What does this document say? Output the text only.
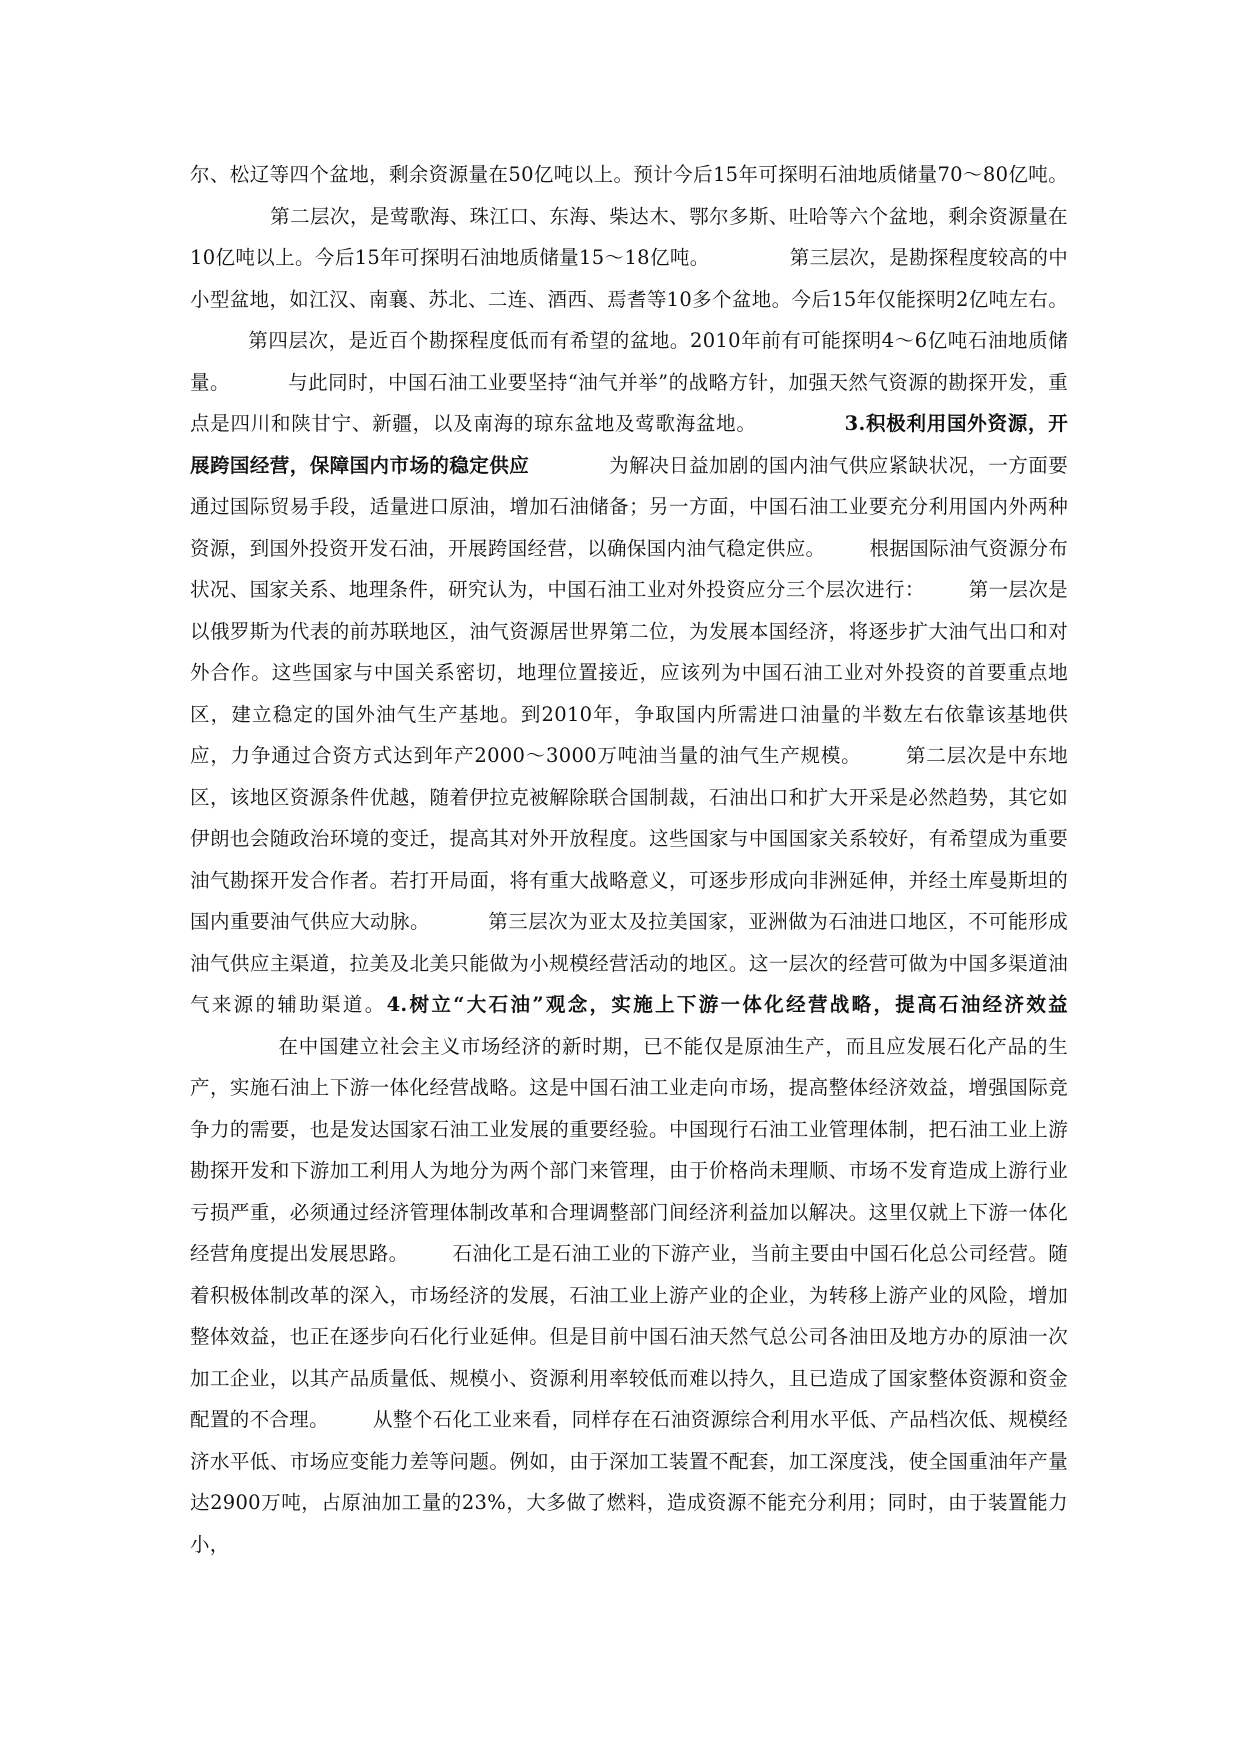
尔、松辽等四个盆地，剩余资源量在50亿吨以上。预计今后15年可探明石油地质储量70～80亿吨。第二层次，是莺歌海、珠江口、东海、柴达木、鄂尔多斯、吐哈等六个盆地，剩余资源量在10亿吨以上。今后15年可探明石油地质储量15～18亿吨。	第三层次，是勘探程度较高的中小型盆地，如江汉、南襄、苏北、二连、酒西、焉耆等10多个盆地。今后15年仅能探明2亿吨左右。第四层次，是近百个勘探程度低而有希望的盆地。2010年前有可能探明4～6亿吨石油地质储量。	与此同时，中国石油工业要坚持“油气并举”的战略方针，加强天然气资源的勘探开发，重点是四川和陕甘宁、新疆，以及南海的琼东盆地及莺歌海盆地。	3.积极利用国外资源，开展跨国经营，保障国内市场的稳定供应	为解决日益加剧的国内油气供应紧缺状况，一方面要通过国际贸易手段，适量进口原油，增加石油储备；另一方面，中国石油工业要充分利用国内外两种资源，到国外投资开发石油，开展跨国经营，以确保国内油气稳定供应。 根据国际油气资源分布状况、国家关系、地理条件，研究认为，中国石油工业对外投资应分三个层次进行： 第一层次是以俄罗斯为代表的前苏联地区，油气资源居世界第二位，为发展本国经济，将逐步扩大油气出口和对外合作。这些国家与中国关系密切，地理位置接近，应该列为中国石油工业对外投资的首要重点地区，建立稳定的国外油气生产基地。到2010年，争取国内所需进口油量的半数左右依靠该基地供应，力争通过合资方式达到年产2000～3000万吨油当量的油气生产规模。 第二层次是中东地区，该地区资源条件优越，随着伊拉克被解除联合国制裁，石油出口和扩大开采是必然趋势，其它如伊朗也会随政治环境的变迁，提高其对外开放程度。这些国家与中国国家关系较好，有希望成为重要油气勘探开发合作者。若打开局面，将有重大战略意义，可逐步形成向非洲延伸，并经土库曼斯坦的国内重要油气供应大动脉。	第三层次为亚太及拉美国家，亚洲做为石油进口地区，不可能形成油气供应主渠道，拉美及北美只能做为小规模经营活动的地区。这一层次的经营可做为中国多渠道油气来源的辅助渠道。4.树立“大石油”观念，实施上下游一体化经营战略，提高石油经济效益在中国建立社会主义市场经济的新时期，已不能仅是原油生产，而且应发展石化产品的生产，实施石油上下游一体化经营战略。这是中国石油工业走向市场，提高整体经济效益，增强国际竞争力的需要，也是发达国家石油工业发展的重要经验。中国现行石油工业管理体制，把石油工业上游勘探开发和下游加工利用人为地分为两个部门来管理，由于价格尚未理顺、市场不发育造成上游行业亏损严重，必须通过经济管理体制改革和合理调整部门间经济利益加以解决。这里仅就上下游一体化经营角度提出发展思路。 石油化工是石油工业的下游产业，当前主要由中国石化总公司经营。随着积极体制改革的深入，市场经济的发展，石油工业上游产业的企业，为转移上游产业的风险，增加整体效益，也正在逐步向石化行业延伸。但是目前中国石油天然气总公司各油田及地方办的原油一次加工企业，以其产品质量低、规模小、资源利用率较低而难以持久，且已造成了国家整体资源和资金配置的不合理。 从整个石化工业来看，同样存在石油资源综合利用水平低、产品档次低、规模经济水平低、市场应变能力差等问题。例如，由于深加工装置不配套，加工深度浅，使全国重油年产量达2900万吨，占原油加工量的23%，大多做了燃料，造成资源不能充分利用；同时，由于装置能力小，
